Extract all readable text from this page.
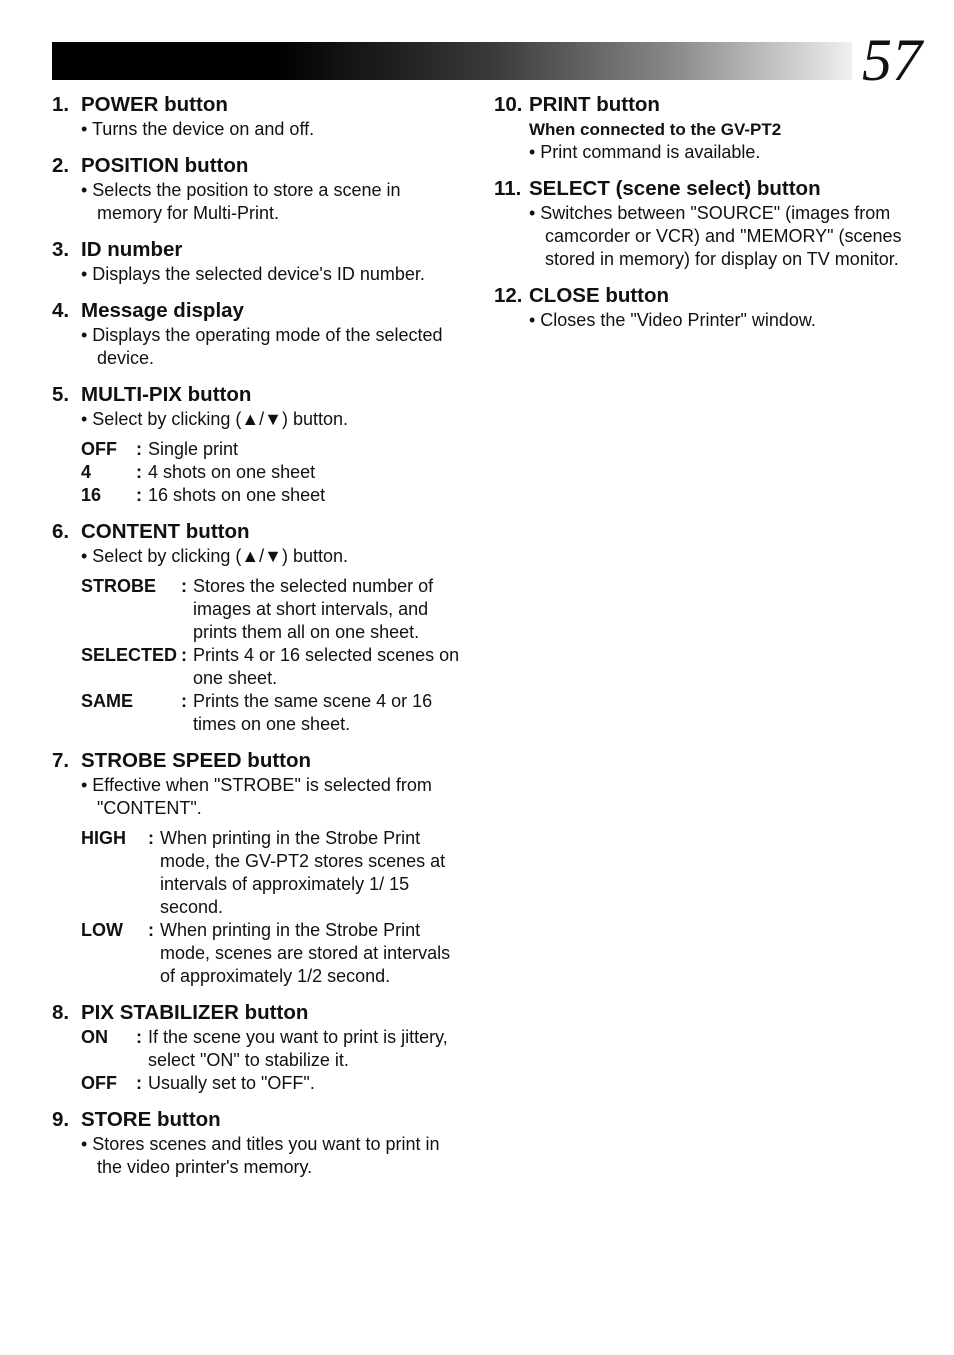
57
1. POWER button
• Turns the device on and off.
2. POSITION button
• Selects the position to store a scene in memory for Multi-Print.
3. ID number
• Displays the selected device's ID number.
4. Message display
• Displays the operating mode of the selected device.
5. MULTI-PIX button
• Select by clicking (▲/▼) button.
OFF	: Single print
4	: 4 shots on one sheet
16	: 16 shots on one sheet
6. CONTENT button
• Select by clicking (▲/▼) button.
STROBE	: Stores the selected number of images at short intervals, and prints them all on one sheet.
SELECTED : Prints 4 or 16 selected scenes on one sheet.
SAME	: Prints the same scene 4 or 16 times on one sheet.
7. STROBE SPEED button
• Effective when "STROBE" is selected from "CONTENT".
HIGH	: When printing in the Strobe Print mode, the GV-PT2 stores scenes at intervals of approximately 1/ 15 second.
LOW	: When printing in the Strobe Print mode, scenes are stored at intervals of approximately 1/2 second.
8. PIX STABILIZER button
ON	: If the scene you want to print is jittery, select "ON" to stabilize it.
OFF	: Usually set to "OFF".
9. STORE button
• Stores scenes and titles you want to print in the video printer's memory.
10. PRINT button
When connected to the GV-PT2
• Print command is available.
11. SELECT (scene select) button
• Switches between "SOURCE" (images from camcorder or VCR) and "MEMORY" (scenes stored in memory) for display on TV monitor.
12. CLOSE button
• Closes the "Video Printer" window.
